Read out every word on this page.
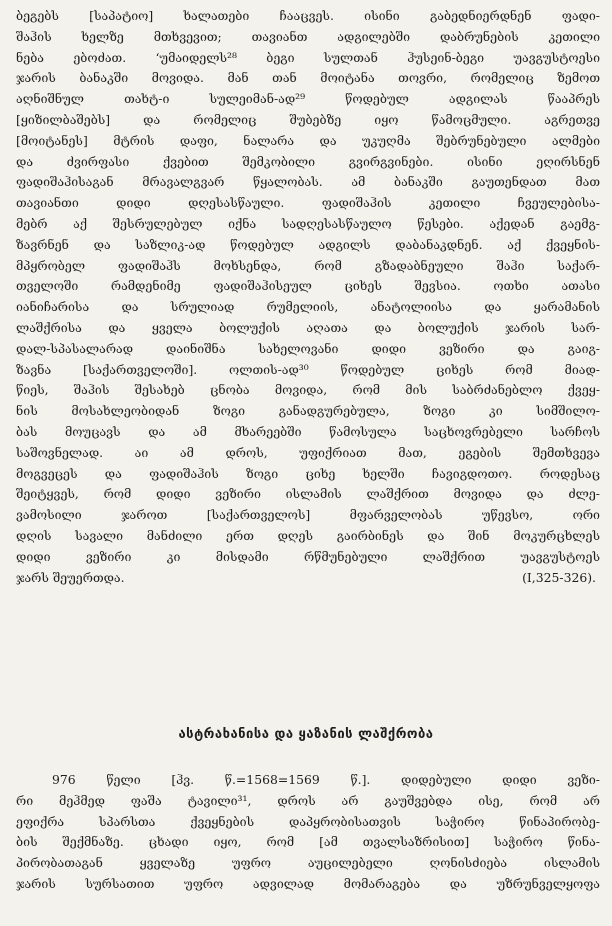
ბეგებს [საპატიო] ხალათები ჩააცვეს. ისინი გაბედნიერდნენ ფადი-
შაჰის ხელზე მთხვევით; თავიანთ ადგილებში დაბრუნების კეთილი
ნება ებოძათ. ‘უმაიდელს²⁸ ბეგი სულთან ჰუსეინ-ბეგი უავგუსტოესი
ჯარის ბანაკში მოვიდა. მან თან მოიტანა თოვრი, რომელიც ზემოთ
აღნიშნულ თახტ-ი სულეიმან-ად²⁹ წოდებულ ადგილას წააპრეს
[ყიზილბაშებს] და რომელიც შუბებზე იყო წამოცმული. აგრეთვე
[მოიტანეს] მტრის დაფი, ნალარა და უკუღმა შებრუნებული ალმები
და ძვირფასი ქვებით შემკობილი გვირგვინები. ისინი ეღირსნენ
ფადიშაჰისაგან მრავალგვარ წყალობას. ამ ბანაკში გაუთენდათ მათ
თავიანთი დიდი დღესასწაული. ფადიშაჰის კეთილი ჩვეულებისა-
მებრ აქ შესრულებულ იქნა სადღესასწაულო წესები. აქედან გაემგ-
ზავრნენ და საზლიკ-ად წოდებულ ადგილს დაბანაკდნენ. აქ ქვეყნის-
მპყრობელ ფადიშაჰს მოხსენდა, რომ გზადაბნეული შაჰი საქარ-
თველოში რამდენიმე ფადიშაჰისეულ ციხეს შევსია. ოთხი ათასი
იანიჩარისა და სრულიად რუმელიის, ანატოლიისა და ყარამანის
ლაშქრისა და ყველა ბოლუქის აღათა და ბოლუქის ჯარის სარ-
დალ-სპასალარად დაინიშნა სახელოვანი დიდი ვეზირი და გაიგ-
ზავნა [საქართველოში]. ოლთის-ად³⁰ წოდებულ ციხეს რომ მიად-
წიეს, შაჰის შესახებ ცნობა მოვიდა, რომ მის საბრძანებლო ქვეყ-
ნის მოსახლეობიდან ზოგი განადგურებულა, ზოგი კი სიმშილო-
ბას მოუცავს და ამ მხარეებში წამოსულა საცხოვრებელი სარჩოს
საშოვნელად. აი ამ დროს, უფიქრიათ მათ, ეგების შემთხვევა
მოგვეცეს და ფადიშაჰის ზოგი ციხე ხელში ჩავიგდოთო. როდესაც
შეიტყვეს, რომ დიდი ვეზირი ისლამის ლაშქრით მოვიდა და ძლე-
ვამოსილი ჯაროთ [საქართველოს] მფარველობას უწევსო, ორი
დღის სავალი მანძილი ერთ დღეს გაირბინეს და შინ მოკურცხლეს
დიდი ვეზირი კი მისდამი რწმუნებული ლაშქრით უავგუსტოეს
ჯარს შეუერთდა.	(I,325-326).
ასტრახანისა და ყაზანის ლაშქრობა
976 წელი [ჰვ. წ.=1568=1569 წ.]. დიდებული დიდი ვეზი-
რი მეჰმედ ფაშა ტავილი³¹, დროს არ გაუშვებდა ისე, რომ არ
ეფიქრა სპარსთა ქვეყნების დაპყრობისათვის საჭირო წინაპირობე-
ბის შექმნაზე. ცხადი იყო, რომ [ამ თვალსაზრისით] საჭირო წინა-
პირობათაგან ყველაზე უფრო აუცილებელი ღონისძიება ისლამის
ჯარის სურსათით უფრო ადვილად მომარაგება და უზრუნველყოფა
